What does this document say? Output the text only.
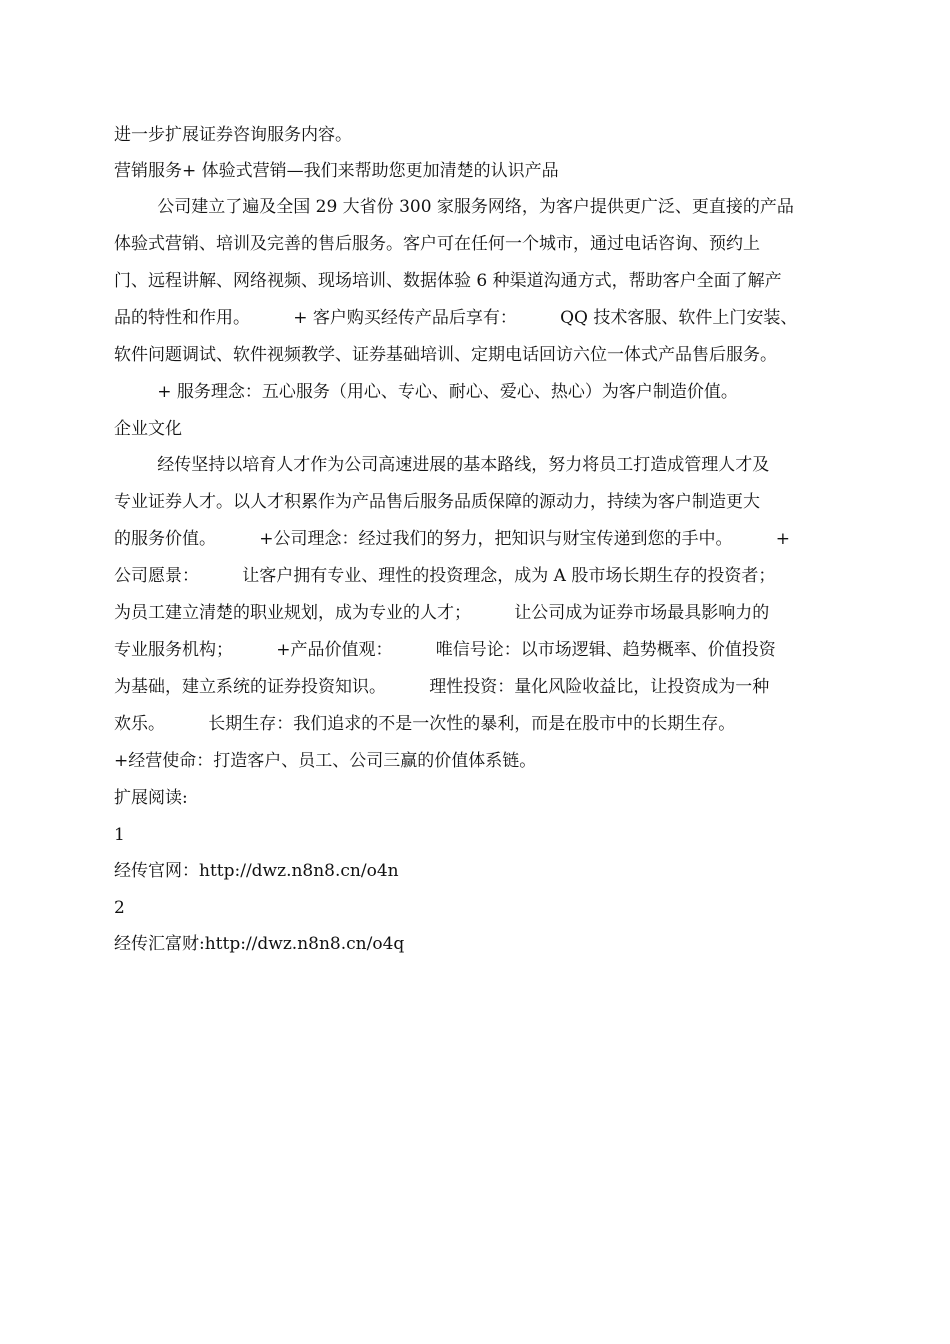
进一步扩展证券咨询服务内容。
营销服务+ 体验式营销—我们来帮助您更加清楚的认识产品
公司建立了遍及全国 29 大省份 300 家服务网络，为客户提供更广泛、更直接的产品
体验式营销、培训及完善的售后服务。客户可在任何一个城市，通过电话咨询、预约上
门、远程讲解、网络视频、现场培训、数据体验 6 种渠道沟通方式，帮助客户全面了解产
品的特性和作用。        + 客户购买经传产品后享有：        QQ 技术客服、软件上门安装、
软件问题调试、软件视频教学、证券基础培训、定期电话回访六位一体式产品售后服务。
+ 服务理念：五心服务（用心、专心、耐心、爱心、热心）为客户制造价值。
企业文化
经传坚持以培育人才作为公司高速进展的基本路线，努力将员工打造成管理人才及
专业证券人才。以人才积累作为产品售后服务品质保障的源动力，持续为客户制造更大
的服务价值。        +公司理念：经过我们的努力，把知识与财宝传递到您的手中。        +
公司愿景：        让客户拥有专业、理性的投资理念，成为 A 股市场长期生存的投资者；
为员工建立清楚的职业规划，成为专业的人才；        让公司成为证券市场最具影响力的
专业服务机构；        +产品价值观：        唯信号论：以市场逻辑、趋势概率、价值投资
为基础，建立系统的证券投资知识。        理性投资：量化风险收益比，让投资成为一种
欢乐。        长期生存：我们追求的不是一次性的暴利，而是在股市中的长期生存。
+经营使命：打造客户、员工、公司三赢的价值体系链。
扩展阅读:
1
经传官网：http://dwz.n8n8.cn/o4n
2
经传汇富财:http://dwz.n8n8.cn/o4q
